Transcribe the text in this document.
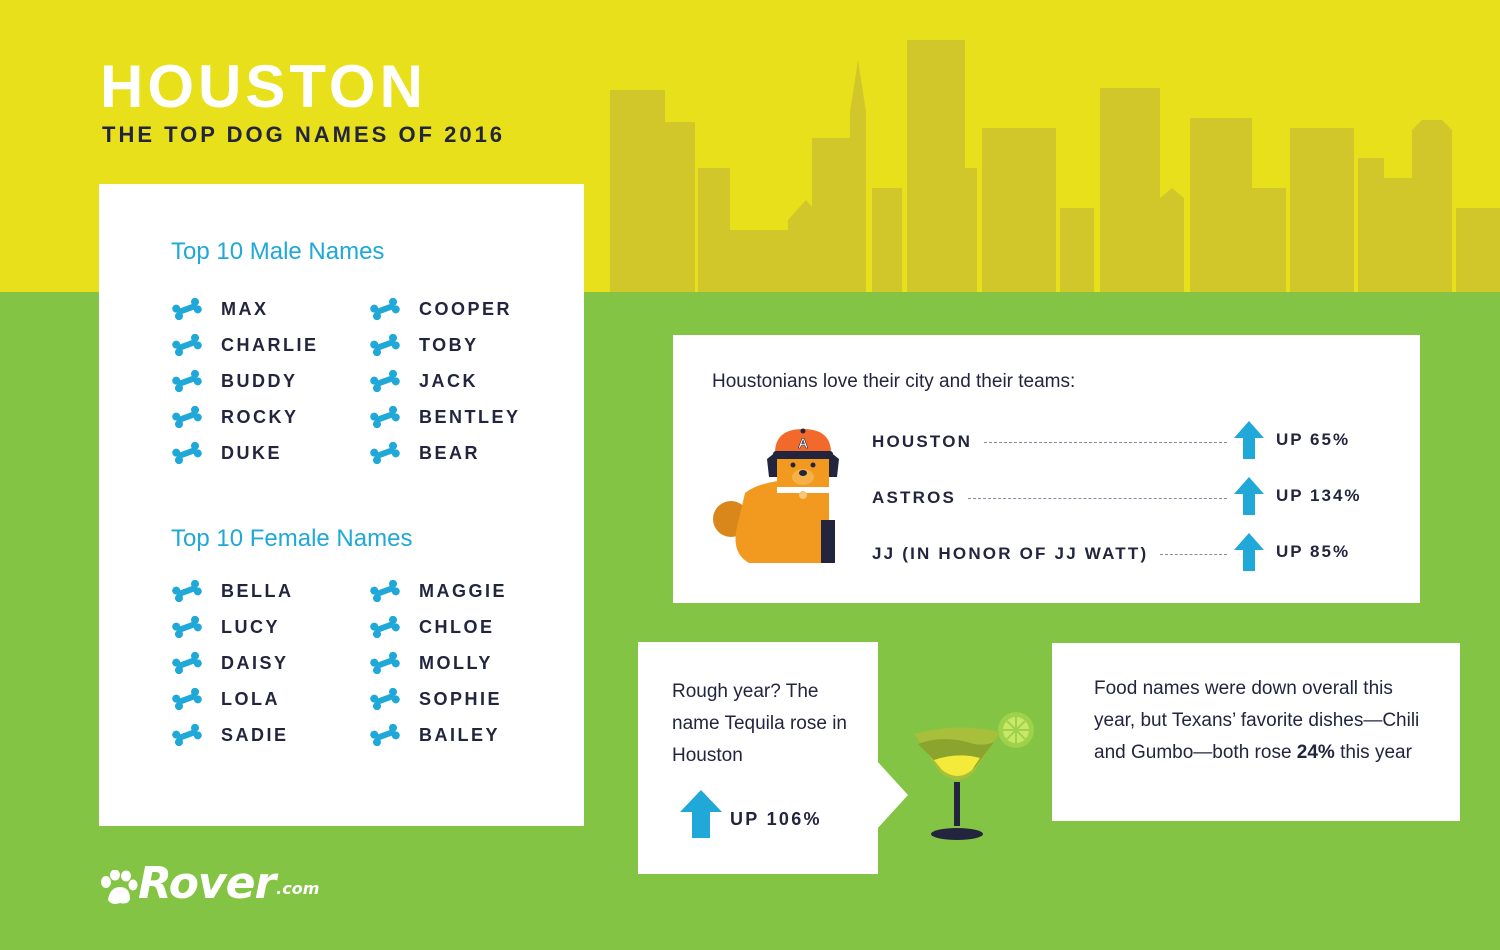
HOUSTON
THE TOP DOG NAMES OF 2016
Top 10 Male Names
Top 10 Female Names
MAX
CHARLIE
BUDDY
ROCKY
DUKE
COOPER
TOBY
JACK
BENTLEY
BEAR
BELLA
LUCY
DAISY
LOLA
SADIE
MAGGIE
CHLOE
MOLLY
SOPHIE
BAILEY
Houstonians love their city and their teams:
A	HOUSTON	UP 65%
ASTROS	UP 134%
JJ (IN HONOR OF JJ WATT)	UP 85%
Rough year? The name Tequila rose in Houston
UP 106%
Food names were down overall this year, but Texans’ favorite dishes—Chili and Gumbo—both rose 24% this year
Rover .com
